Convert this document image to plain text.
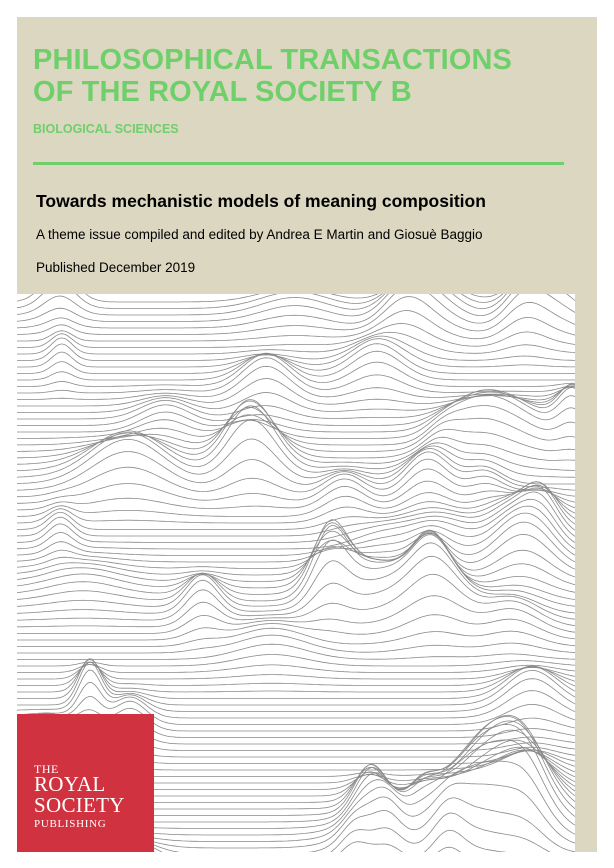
PHILOSOPHICAL TRANSACTIONS
OF THE ROYAL SOCIETY B
BIOLOGICAL SCIENCES
Towards mechanistic models of meaning composition
A theme issue compiled and edited by Andrea E Martin and Giosuè Baggio
Published December 2019
THE
ROYAL
SOCIETY
PUBLISHING
